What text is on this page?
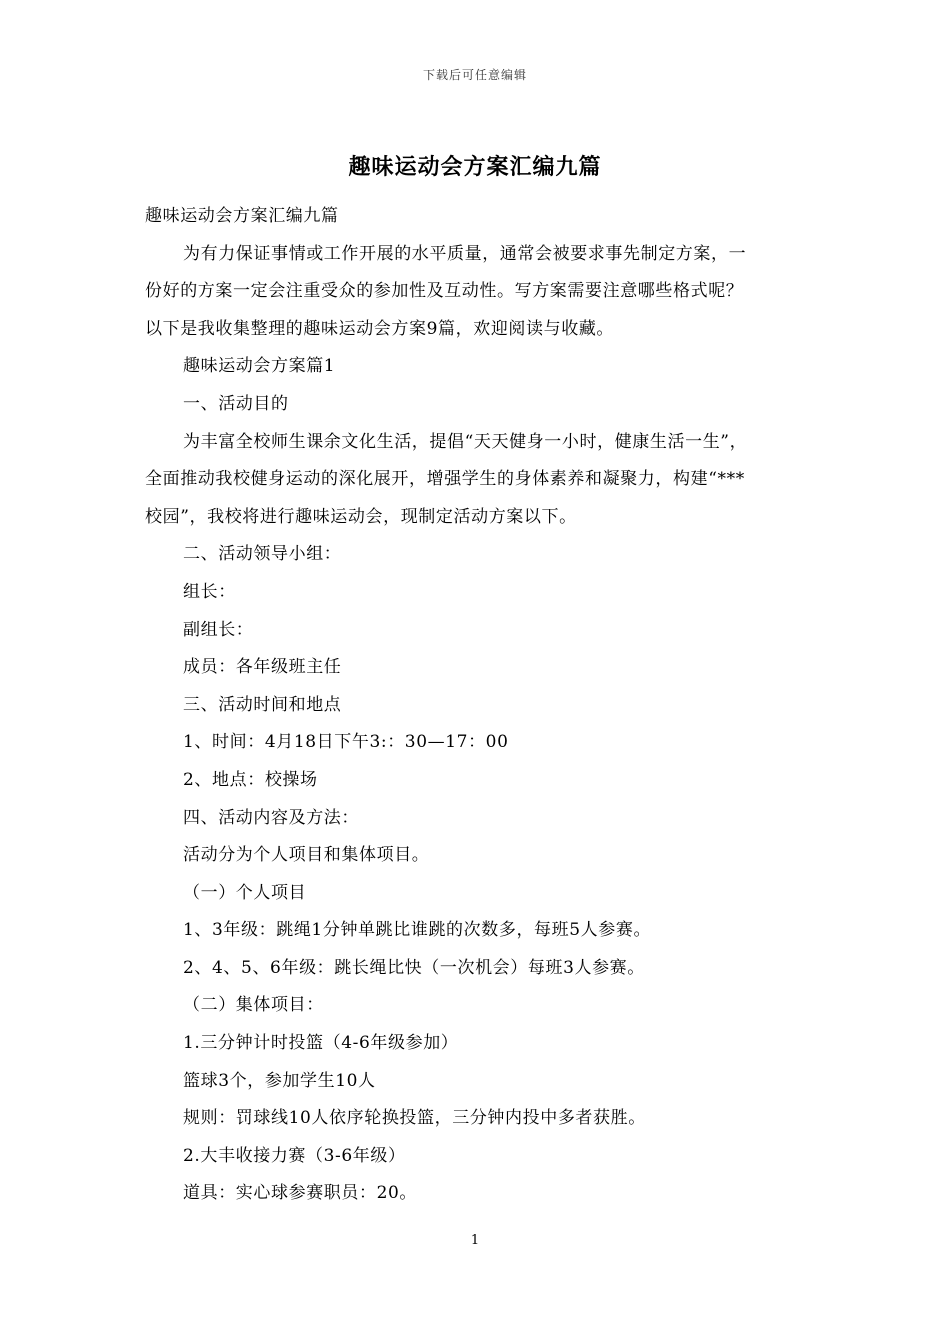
下载后可任意编辑
趣味运动会方案汇编九篇
趣味运动会方案汇编九篇
为有力保证事情或工作开展的水平质量，通常会被要求事先制定方案，一
份好的方案一定会注重受众的参加性及互动性。写方案需要注意哪些格式呢？
以下是我收集整理的趣味运动会方案9篇，欢迎阅读与收藏。
趣味运动会方案篇1
一、活动目的
为丰富全校师生课余文化生活，提倡“天天健身一小时，健康生活一生”，
全面推动我校健身运动的深化展开，增强学生的身体素养和凝聚力，构建“***
校园”，我校将进行趣味运动会，现制定活动方案以下。
二、活动领导小组：
组长：
副组长：
成员：各年级班主任
三、活动时间和地点
1、时间：4月18日下午3:：30—17：00
2、地点：校操场
四、活动内容及方法：
活动分为个人项目和集体项目。
（一）个人项目
1、3年级：跳绳1分钟单跳比谁跳的次数多，每班5人参赛。
2、4、5、6年级：跳长绳比快（一次机会）每班3人参赛。
（二）集体项目：
1.三分钟计时投篮（4-6年级参加）
篮球3个，参加学生10人
规则：罚球线10人依序轮换投篮，三分钟内投中多者获胜。
2.大丰收接力赛（3-6年级）
道具：实心球参赛职员：20。
1
